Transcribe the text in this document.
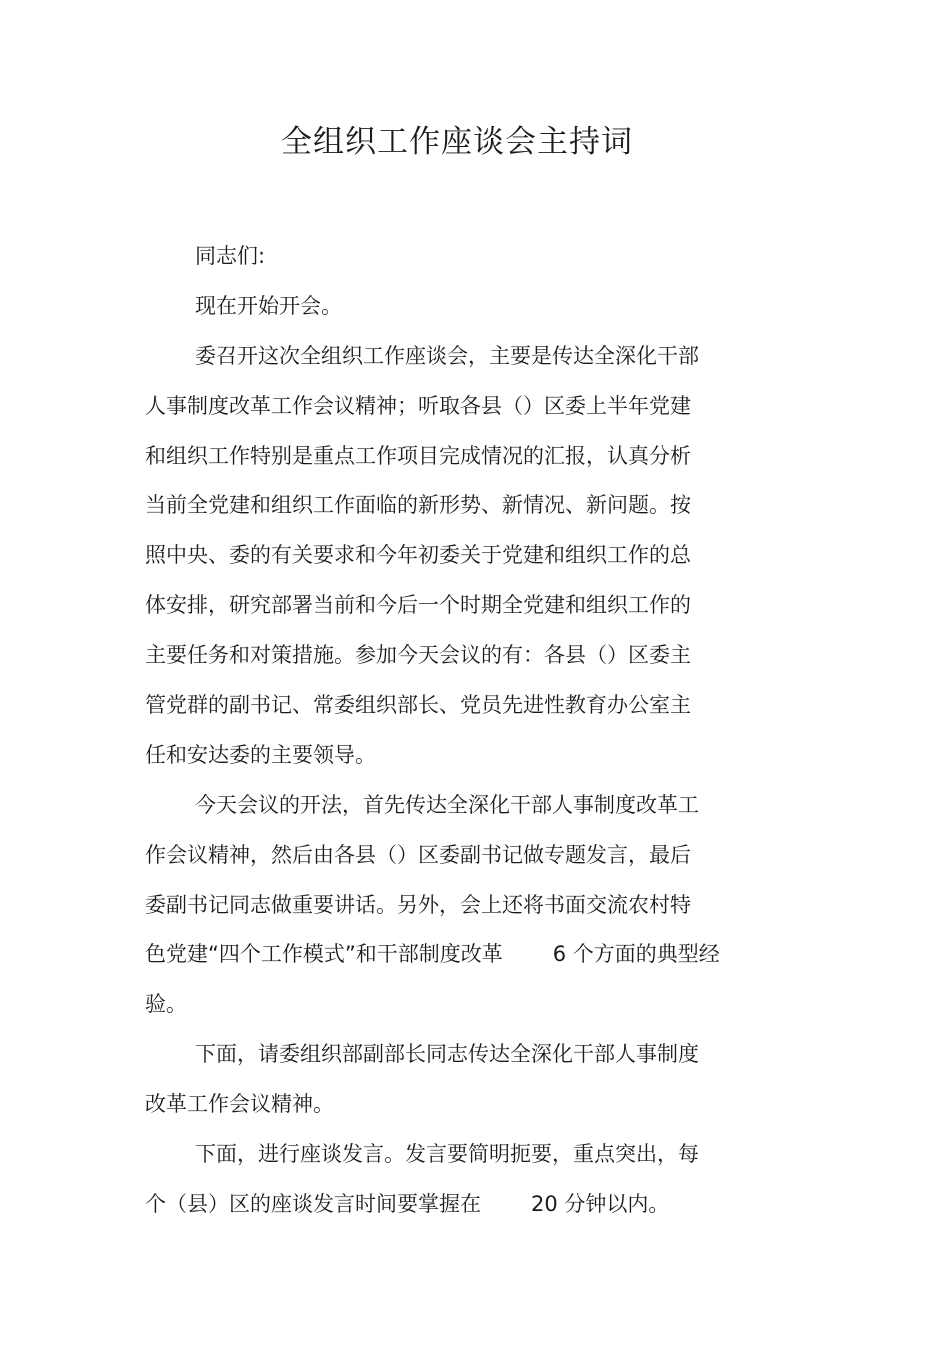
全组织工作座谈会主持词
同志们:
现在开始开会。
委召开这次全组织工作座谈会，主要是传达全深化干部
人事制度改革工作会议精神；听取各县（）区委上半年党建
和组织工作特别是重点工作项目完成情况的汇报，认真分析
当前全党建和组织工作面临的新形势、新情况、新问题。按
照中央、委的有关要求和今年初委关于党建和组织工作的总
体安排，研究部署当前和今后一个时期全党建和组织工作的
主要任务和对策措施。参加今天会议的有：各县（）区委主
管党群的副书记、常委组织部长、党员先进性教育办公室主
任和安达委的主要领导。
今天会议的开法，首先传达全深化干部人事制度改革工
作会议精神，然后由各县（）区委副书记做专题发言，最后
委副书记同志做重要讲话。另外，会上还将书面交流农村特
色党建“四个工作模式”和干部制度改革 6 个方面的典型经
验。
下面，请委组织部副部长同志传达全深化干部人事制度
改革工作会议精神。
下面，进行座谈发言。发言要简明扼要，重点突出，每
个（县）区的座谈发言时间要掌握在 20 分钟以内。
